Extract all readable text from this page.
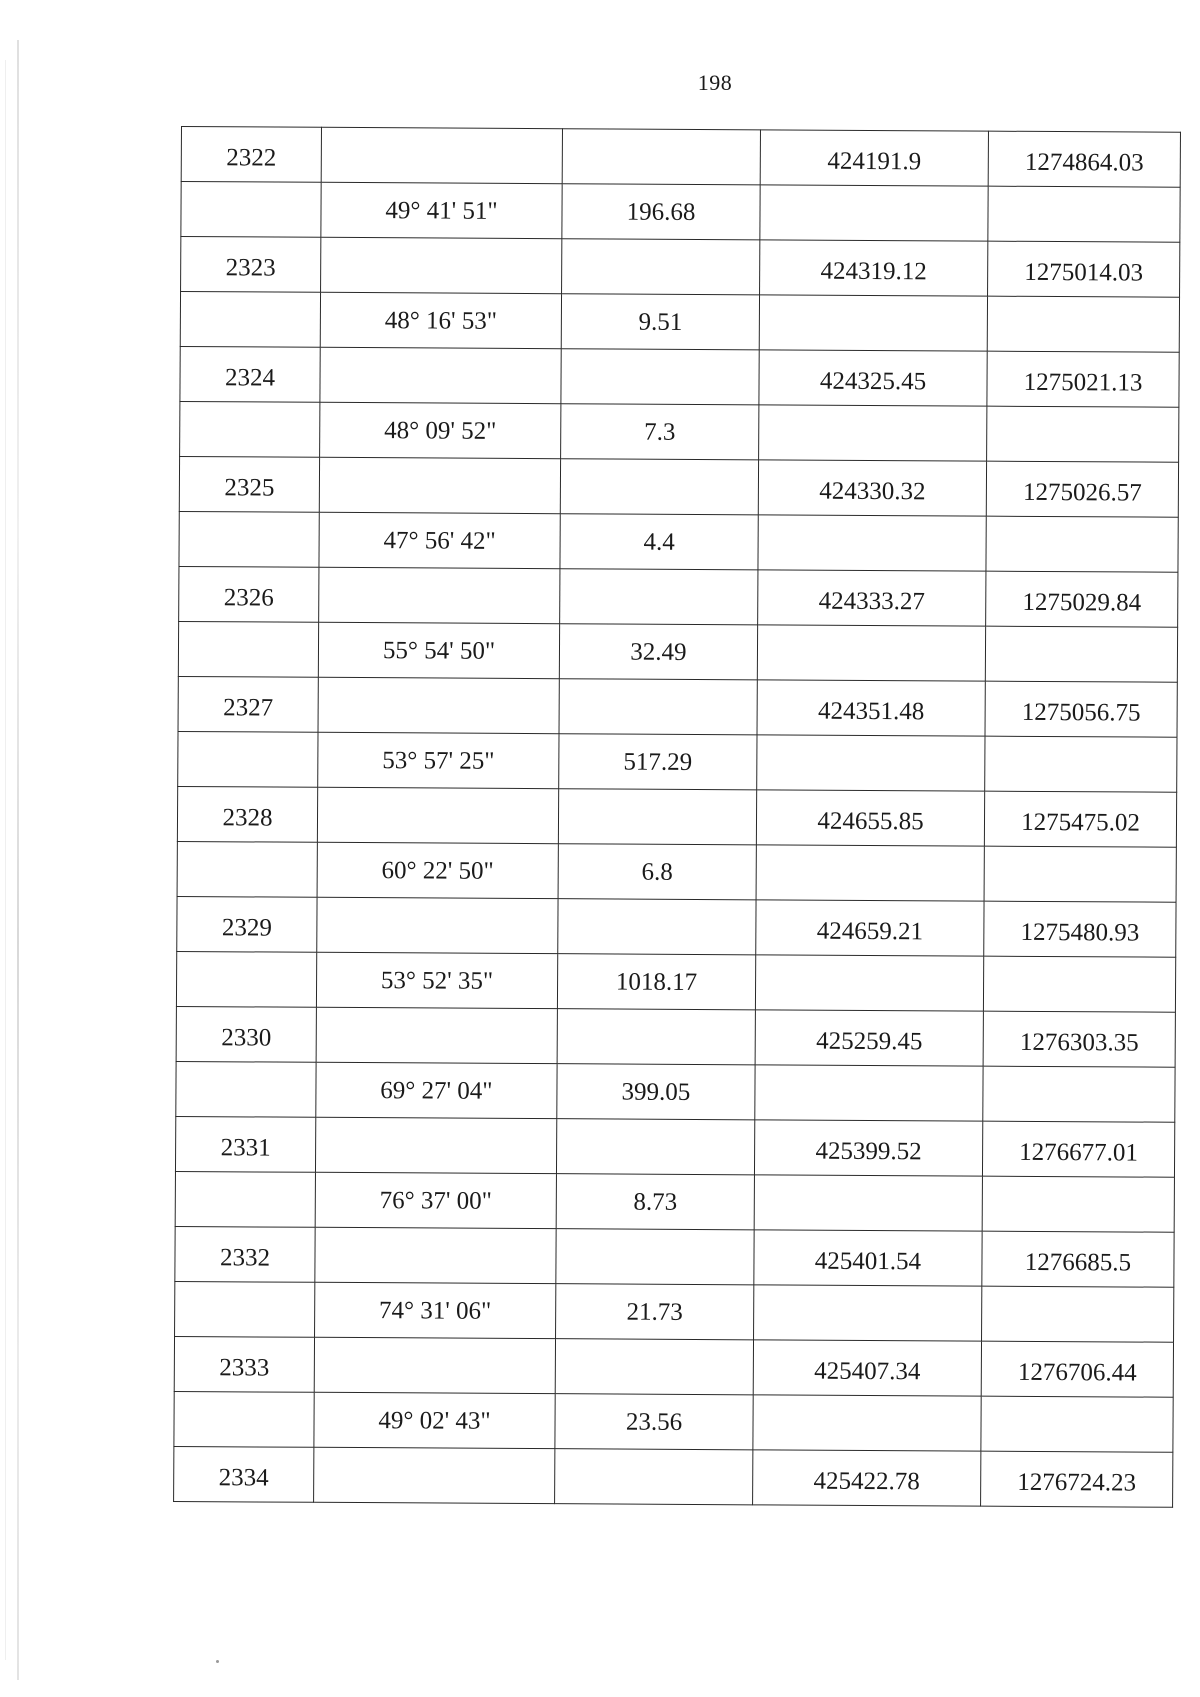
198
2322			424191.9	1274864.03
	49° 41' 51"	196.68		
2323			424319.12	1275014.03
	48° 16' 53"	9.51		
2324			424325.45	1275021.13
	48° 09' 52"	7.3		
2325			424330.32	1275026.57
	47° 56' 42"	4.4		
2326			424333.27	1275029.84
	55° 54' 50"	32.49		
2327			424351.48	1275056.75
	53° 57' 25"	517.29		
2328			424655.85	1275475.02
	60° 22' 50"	6.8		
2329			424659.21	1275480.93
	53° 52' 35"	1018.17		
2330			425259.45	1276303.35
	69° 27' 04"	399.05		
2331			425399.52	1276677.01
	76° 37' 00"	8.73		
2332			425401.54	1276685.5
	74° 31' 06"	21.73		
2333			425407.34	1276706.44
	49° 02' 43"	23.56		
2334			425422.78	1276724.23
